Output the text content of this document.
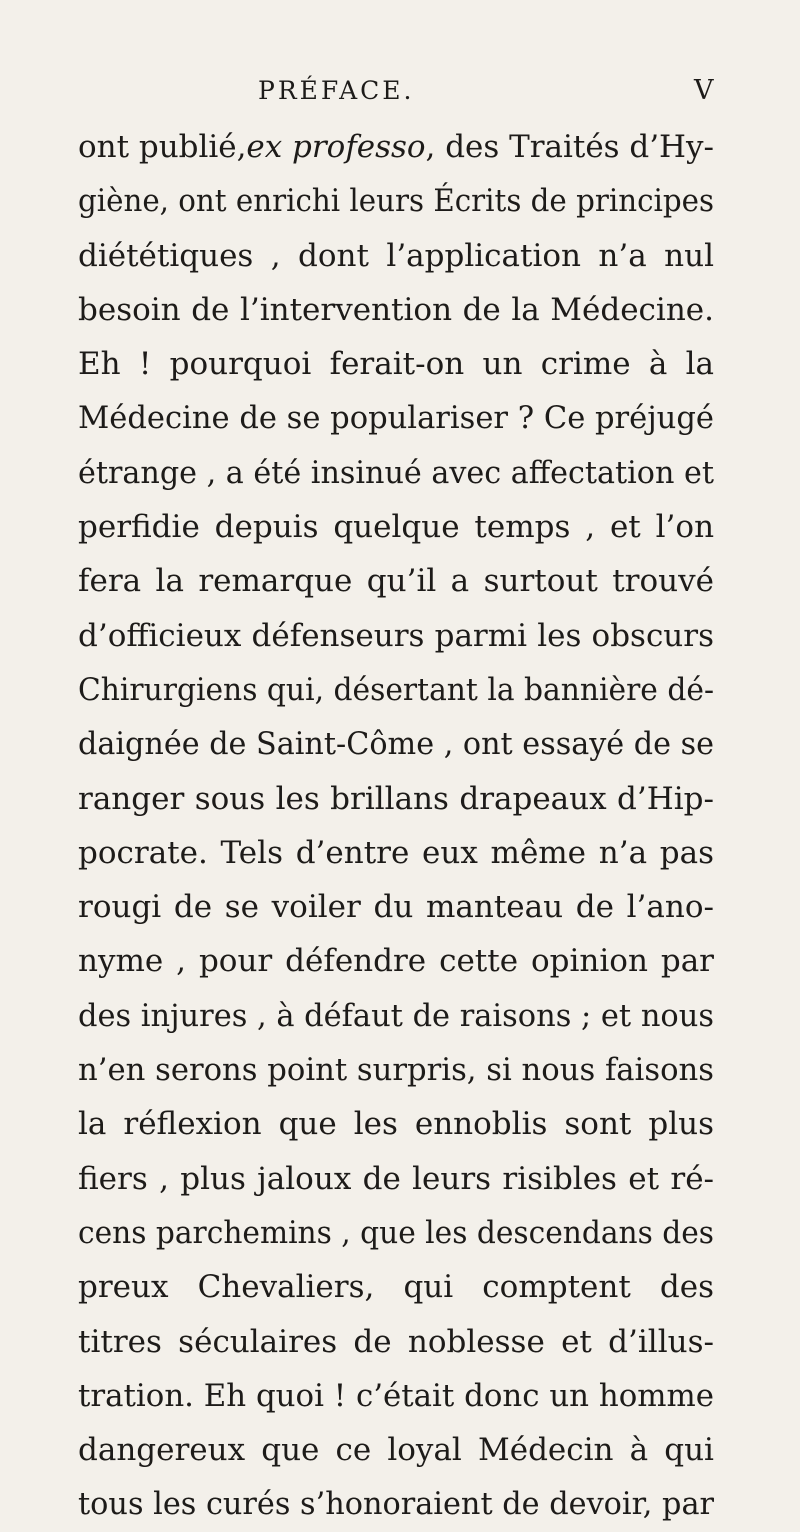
PRÉFACE.	V
ont publié,ex professo, des Traités d’Hy-
giène, ont enrichi leurs Écrits de principes
diététiques , dont l’application n’a nul
besoin de l’intervention de la Médecine.
Eh ! pourquoi ferait-on un crime à la
Médecine de se populariser ? Ce préjugé
étrange , a été insinué avec affectation et
perfidie depuis quelque temps , et l’on
fera la remarque qu’il a surtout trouvé
d’officieux défenseurs parmi les obscurs
Chirurgiens qui, désertant la bannière dé-
daignée de Saint-Côme , ont essayé de se
ranger sous les brillans drapeaux d’Hip-
pocrate. Tels d’entre eux même n’a pas
rougi de se voiler du manteau de l’ano-
nyme , pour défendre cette opinion par
des injures , à défaut de raisons ; et nous
n’en serons point surpris, si nous faisons
la réflexion que les ennoblis sont plus
fiers , plus jaloux de leurs risibles et ré-
cens parchemins , que les descendans des
preux Chevaliers, qui comptent des
titres séculaires de noblesse et d’illus-
tration. Eh quoi ! c’était donc un homme
dangereux que ce loyal Médecin à qui
tous les curés s’honoraient de devoir, par
